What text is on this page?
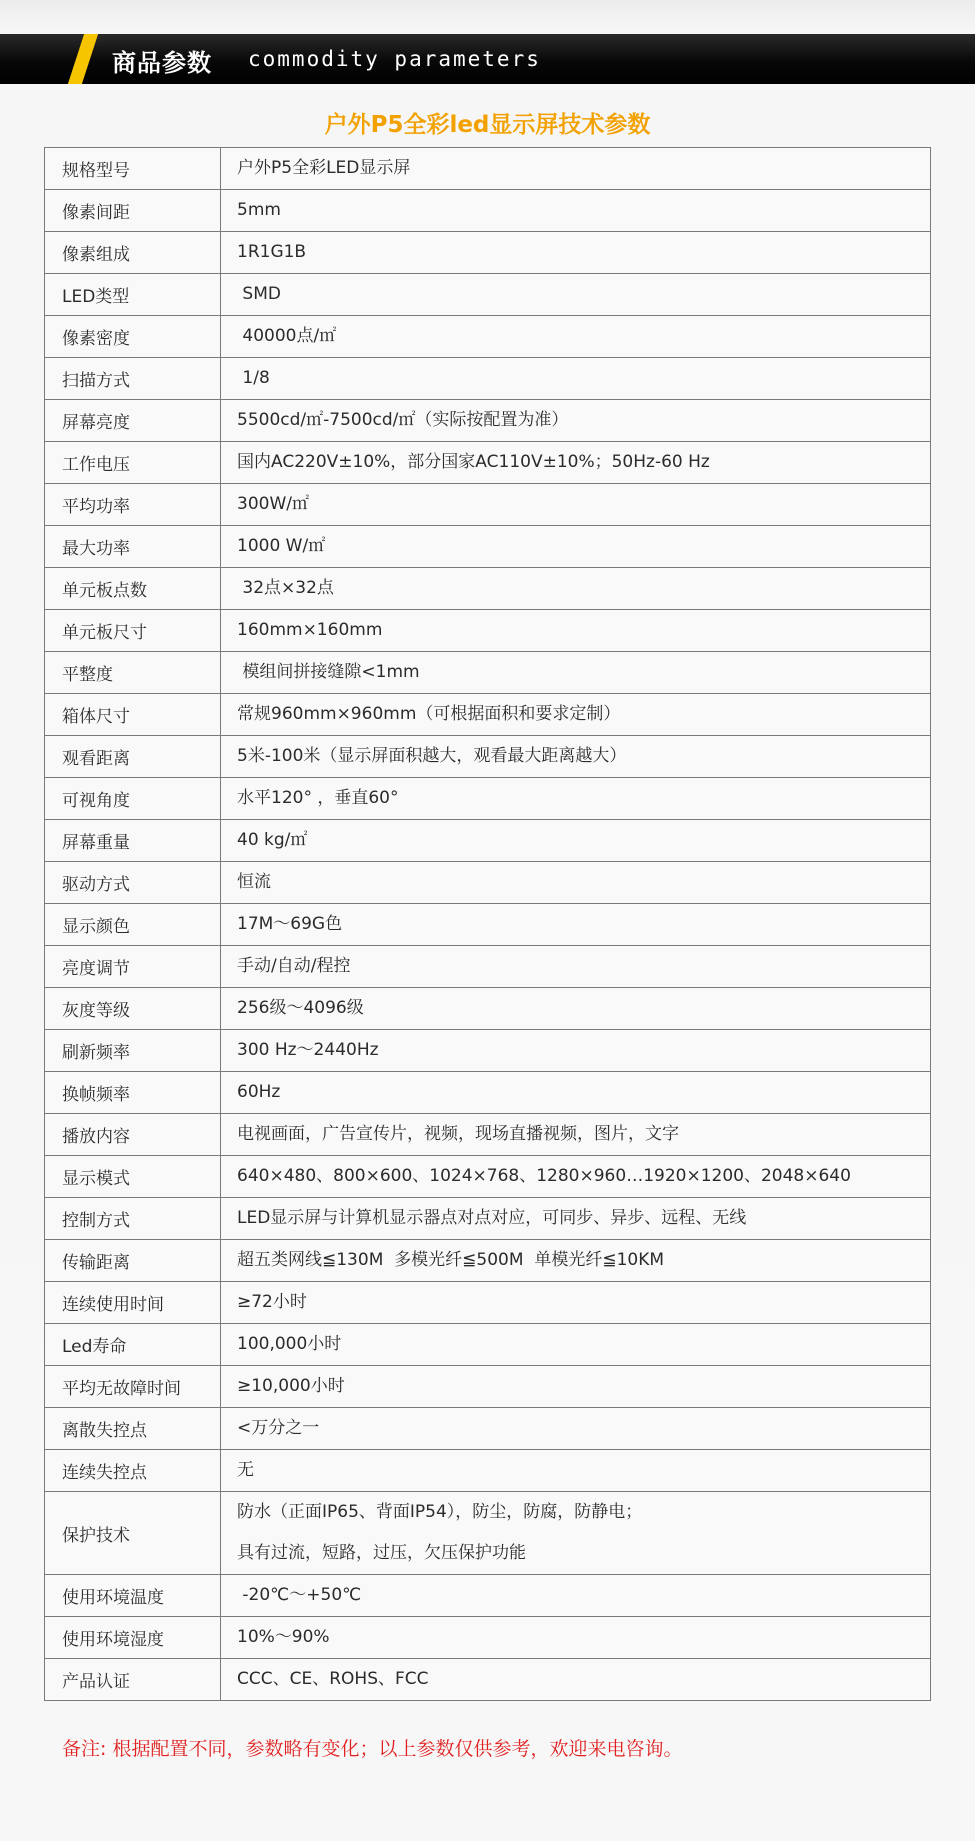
商品参数 commodity parameters
户外P5全彩led显示屏技术参数
规格型号	户外P5全彩LED显示屏

像素间距	5mm

像素组成	1R1G1B

LED类型	SMD

像素密度	40000点/㎡

扫描方式	1/8

屏幕亮度	5500cd/㎡-7500cd/㎡（实际按配置为准）

工作电压	国内AC220V±10%，部分国家AC110V±10%；50Hz-60 Hz

平均功率	300W/㎡

最大功率	1000 W/㎡

单元板点数	32点×32点

单元板尺寸	160mm×160mm

平整度	模组间拼接缝隙<1mm

箱体尺寸	常规960mm×960mm（可根据面积和要求定制）

观看距离	5米-100米（显示屏面积越大，观看最大距离越大）

可视角度	水平120° ，垂直60°

屏幕重量	40 kg/㎡

驱动方式	恒流

显示颜色	17M～69G色

亮度调节	手动/自动/程控

灰度等级	256级～4096级

刷新频率	300 Hz～2440Hz

换帧频率	60Hz

播放内容	电视画面，广告宣传片，视频，现场直播视频，图片，文字

显示模式	640×480、800×600、1024×768、1280×960…1920×1200、2048×640

控制方式	LED显示屏与计算机显示器点对点对应，可同步、异步、远程、无线

传输距离	超五类网线≦130M  多模光纤≦500M  单模光纤≦10KM

连续使用时间	≥72小时

Led寿命	100,000小时

平均无故障时间	≥10,000小时

离散失控点	<万分之一

连续失控点	无

保护技术	防水（正面IP65、背面IP54），防尘，防腐，防静电；
具有过流，短路，过压，欠压保护功能

使用环境温度	-20℃～+50℃

使用环境湿度	10%～90%

产品认证	CCC、CE、ROHS、FCC
备注: 根据配置不同，参数略有变化；以上参数仅供参考，欢迎来电咨询。
